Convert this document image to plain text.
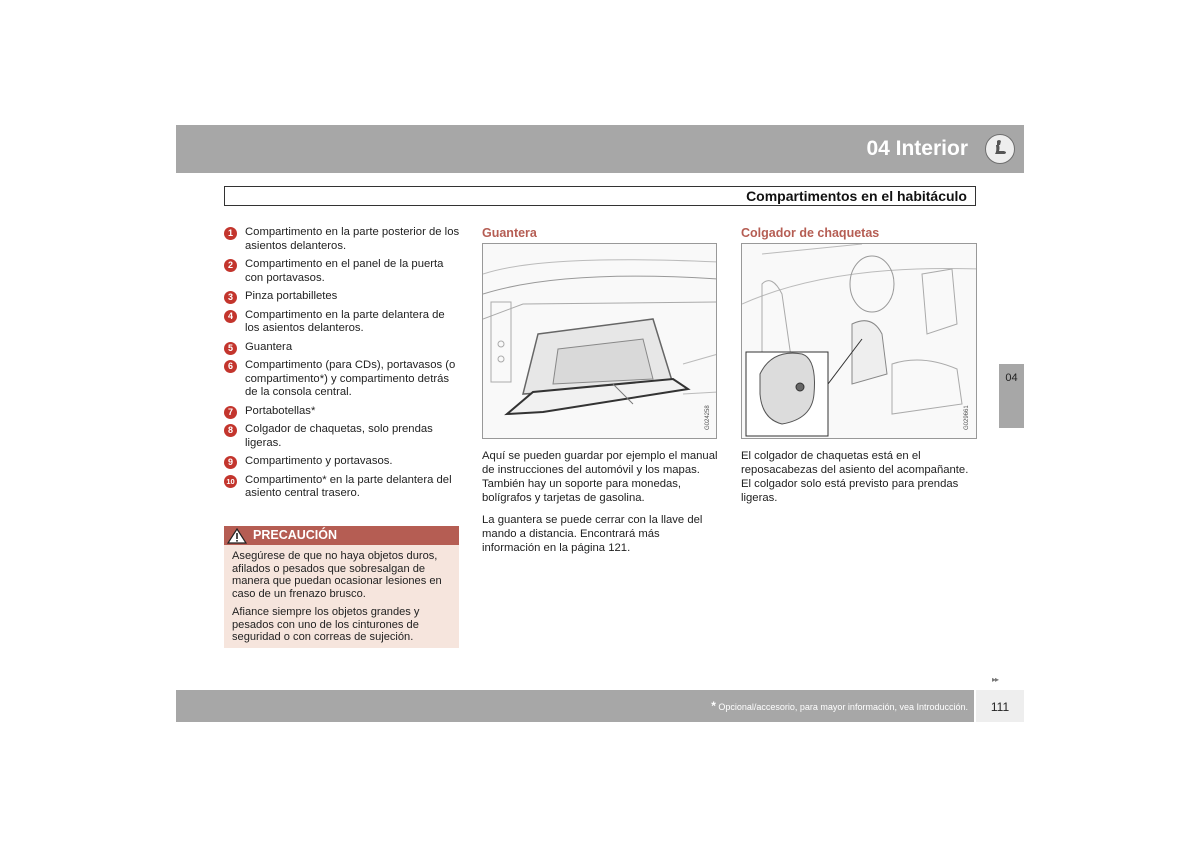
04 Interior
Compartimentos en el habitáculo
04
1	Compartimento en la parte posterior de los asientos delanteros.
2	Compartimento en el panel de la puerta con portavasos.
3	Pinza portabilletes
4	Compartimento en la parte delantera de los asientos delanteros.
5	Guantera
6	Compartimento (para CDs), portavasos (o compartimento*) y compartimento detrás de la consola central.
7	Portabotellas*
8	Colgador de chaquetas, solo prendas ligeras.
9	Compartimento y portavasos.
10 Compartimento* en la parte delantera del asiento central trasero.
PRECAUCIÓN

Asegúrese de que no haya objetos duros, afilados o pesados que sobresalgan de manera que puedan ocasionar lesiones en caso de un frenazo brusco.

Afiance siempre los objetos grandes y pesados con uno de los cinturones de seguridad o con correas de sujeción.

Guantera	Colgador de chaquetas
G024258	G029661

Aquí se pueden guardar por ejemplo el manual de instrucciones del automóvil y los mapas. También hay un soporte para monedas, bolígrafos y tarjetas de gasolina.

La guantera se puede cerrar con la llave del mando a distancia. Encontrará más información en la página 121.

El colgador de chaquetas está en el reposacabezas del asiento del acompañante. El colgador solo está previsto para prendas ligeras.

▸▸
* Opcional/accesorio, para mayor información, vea Introducción.	111
